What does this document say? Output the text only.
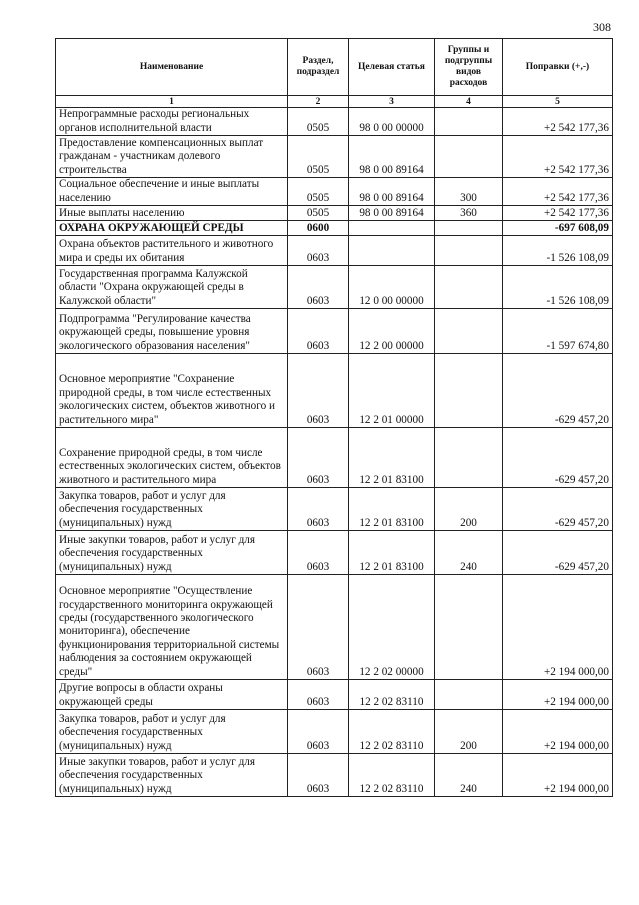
308
Наименование	Раздел, подраздел	Целевая статья	Группы и подгруппы видов расходов	Поправки (+,-)
1	2	3	4	5
Непрограммные расходы региональных органов исполнительной власти	0505	98 0 00 00000		+2 542 177,36
Предоставление компенсационных выплат гражданам - участникам долевого строительства	0505	98 0 00 89164		+2 542 177,36
Социальное обеспечение и иные выплаты населению	0505	98 0 00 89164	300	+2 542 177,36
Иные выплаты населению	0505	98 0 00 89164	360	+2 542 177,36
ОХРАНА ОКРУЖАЮЩЕЙ СРЕДЫ	0600			-697 608,09
Охрана объектов растительного и животного мира и среды их обитания	0603			-1 526 108,09
Государственная программа Калужской области "Охрана окружающей среды в Калужской области"	0603	12 0 00 00000		-1 526 108,09
Подпрограмма "Регулирование качества окружающей среды, повышение уровня экологического образования населения"	0603	12 2 00 00000		-1 597 674,80
Основное мероприятие "Сохранение природной среды, в том числе естественных экологических систем, объектов животного и растительного мира"	0603	12 2 01 00000		-629 457,20
Сохранение природной среды, в том числе естественных экологических систем, объектов животного и растительного мира	0603	12 2 01 83100		-629 457,20
Закупка товаров, работ и услуг для обеспечения государственных (муниципальных) нужд	0603	12 2 01 83100	200	-629 457,20
Иные закупки товаров, работ и услуг для обеспечения государственных (муниципальных) нужд	0603	12 2 01 83100	240	-629 457,20
Основное мероприятие "Осуществление государственного мониторинга окружающей среды (государственного экологического мониторинга), обеспечение функционирования территориальной системы наблюдения за состоянием окружающей среды"	0603	12 2 02 00000		+2 194 000,00
Другие вопросы в области охраны окружающей среды	0603	12 2 02 83110		+2 194 000,00
Закупка товаров, работ и услуг для обеспечения государственных (муниципальных) нужд	0603	12 2 02 83110	200	+2 194 000,00
Иные закупки товаров, работ и услуг для обеспечения государственных (муниципальных) нужд	0603	12 2 02 83110	240	+2 194 000,00
